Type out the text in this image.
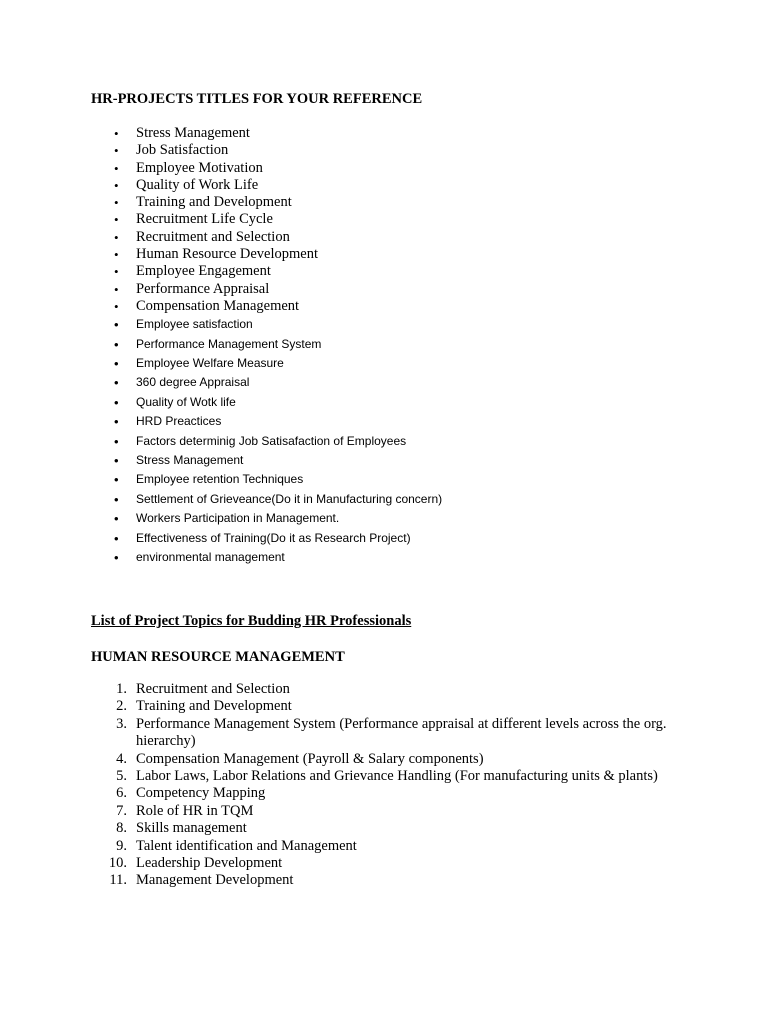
HR-PROJECTS TITLES FOR YOUR REFERENCE
• Stress Management
• Job Satisfaction
• Employee Motivation
• Quality of Work Life
• Training and Development
• Recruitment Life Cycle
• Recruitment and Selection
• Human Resource Development
• Employee Engagement
• Performance Appraisal
• Compensation Management
• Employee satisfaction
• Performance Management System
• Employee Welfare Measure
• 360 degree Appraisal
• Quality of Wotk life
• HRD Preactices
• Factors determinig Job Satisafaction of Employees
• Stress Management
• Employee retention Techniques
• Settlement of Grieveance(Do it in Manufacturing concern)
• Workers Participation in Management.
• Effectiveness of Training(Do it as Research Project)
• environmental management
List of Project Topics for Budding HR Professionals
HUMAN RESOURCE MANAGEMENT
1. Recruitment and Selection
2. Training and Development
3. Performance Management System (Performance appraisal at different levels across the org. hierarchy)
4. Compensation Management (Payroll & Salary components)
5. Labor Laws, Labor Relations and Grievance Handling (For manufacturing units & plants)
6. Competency Mapping
7. Role of HR in TQM
8. Skills management
9. Talent identification and Management
10. Leadership Development
11. Management Development
